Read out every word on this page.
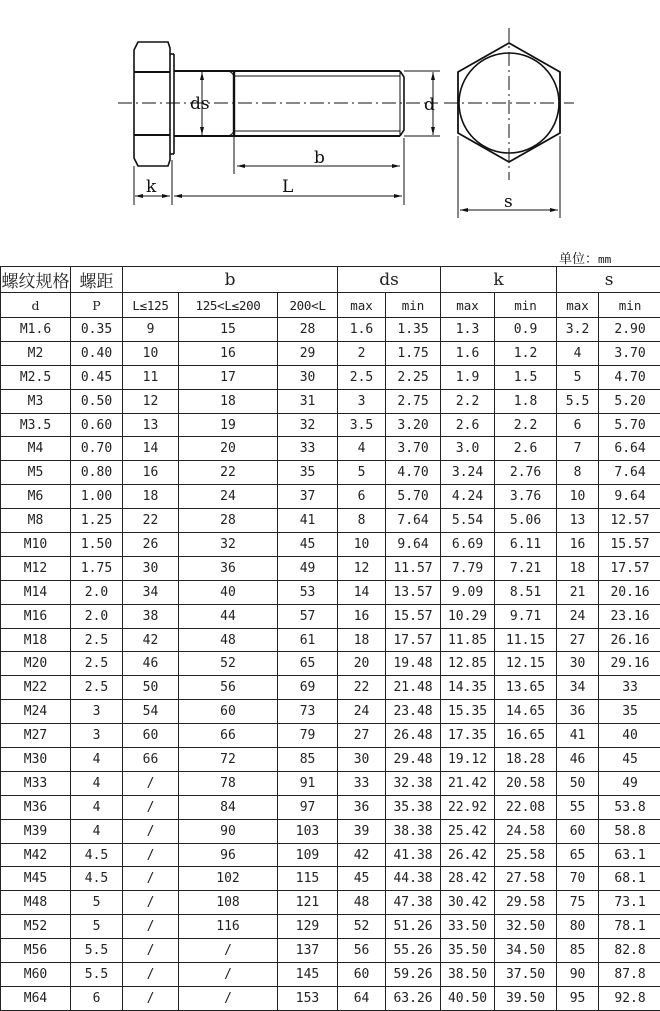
ds	d
b
k	L
s
单位：mm
螺纹规格	螺距	b			ds		k		s	
d	P	L≤125	125<L≤200	200<L	max	min	max	min	max	min
M1.6	0.35	9	15	28	1.6	1.35	1.3	0.9	3.2	2.90
M2	0.40	10	16	29	2	1.75	1.6	1.2	4	3.70
M2.5	0.45	11	17	30	2.5	2.25	1.9	1.5	5	4.70
M3	0.50	12	18	31	3	2.75	2.2	1.8	5.5	5.20
M3.5	0.60	13	19	32	3.5	3.20	2.6	2.2	6	5.70
M4	0.70	14	20	33	4	3.70	3.0	2.6	7	6.64
M5	0.80	16	22	35	5	4.70	3.24	2.76	8	7.64
M6	1.00	18	24	37	6	5.70	4.24	3.76	10	9.64
M8	1.25	22	28	41	8	7.64	5.54	5.06	13	12.57
M10	1.50	26	32	45	10	9.64	6.69	6.11	16	15.57
M12	1.75	30	36	49	12	11.57	7.79	7.21	18	17.57
M14	2.0	34	40	53	14	13.57	9.09	8.51	21	20.16
M16	2.0	38	44	57	16	15.57	10.29	9.71	24	23.16
M18	2.5	42	48	61	18	17.57	11.85	11.15	27	26.16
M20	2.5	46	52	65	20	19.48	12.85	12.15	30	29.16
M22	2.5	50	56	69	22	21.48	14.35	13.65	34	33
M24	3	54	60	73	24	23.48	15.35	14.65	36	35
M27	3	60	66	79	27	26.48	17.35	16.65	41	40
M30	4	66	72	85	30	29.48	19.12	18.28	46	45
M33	4	/	78	91	33	32.38	21.42	20.58	50	49
M36	4	/	84	97	36	35.38	22.92	22.08	55	53.8
M39	4	/	90	103	39	38.38	25.42	24.58	60	58.8
M42	4.5	/	96	109	42	41.38	26.42	25.58	65	63.1
M45	4.5	/	102	115	45	44.38	28.42	27.58	70	68.1
M48	5	/	108	121	48	47.38	30.42	29.58	75	73.1
M52	5	/	116	129	52	51.26	33.50	32.50	80	78.1
M56	5.5	/	/	137	56	55.26	35.50	34.50	85	82.8
M60	5.5	/	/	145	60	59.26	38.50	37.50	90	87.8
M64	6	/	/	153	64	63.26	40.50	39.50	95	92.8
